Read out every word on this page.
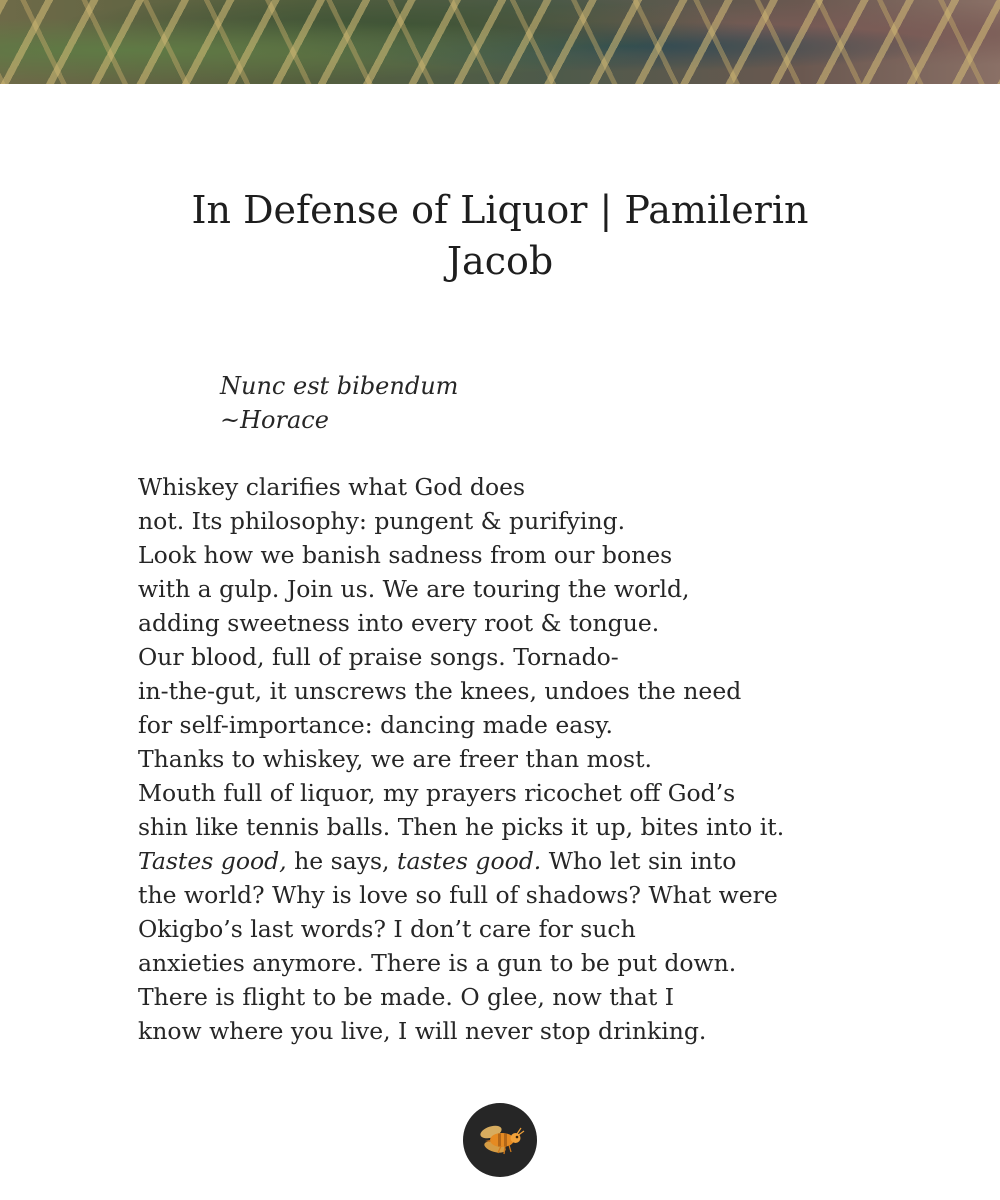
In Defense of Liquor | Pamilerin Jacob
Nunc est bibendum
~Horace
Whiskey clarifies what God does
not. Its philosophy: pungent & purifying.
Look how we banish sadness from our bones
with a gulp. Join us. We are touring the world,
adding sweetness into every root & tongue.
Our blood, full of praise songs. Tornado-
in-the-gut, it unscrews the knees, undoes the need
for self-importance: dancing made easy.
Thanks to whiskey, we are freer than most.
Mouth full of liquor, my prayers ricochet off God’s
shin like tennis balls. Then he picks it up, bites into it.
Tastes good, he says, tastes good. Who let sin into
the world? Why is love so full of shadows? What were
Okigbo’s last words? I don’t care for such
anxieties anymore. There is a gun to be put down.
There is flight to be made. O glee, now that I
know where you live, I will never stop drinking.
